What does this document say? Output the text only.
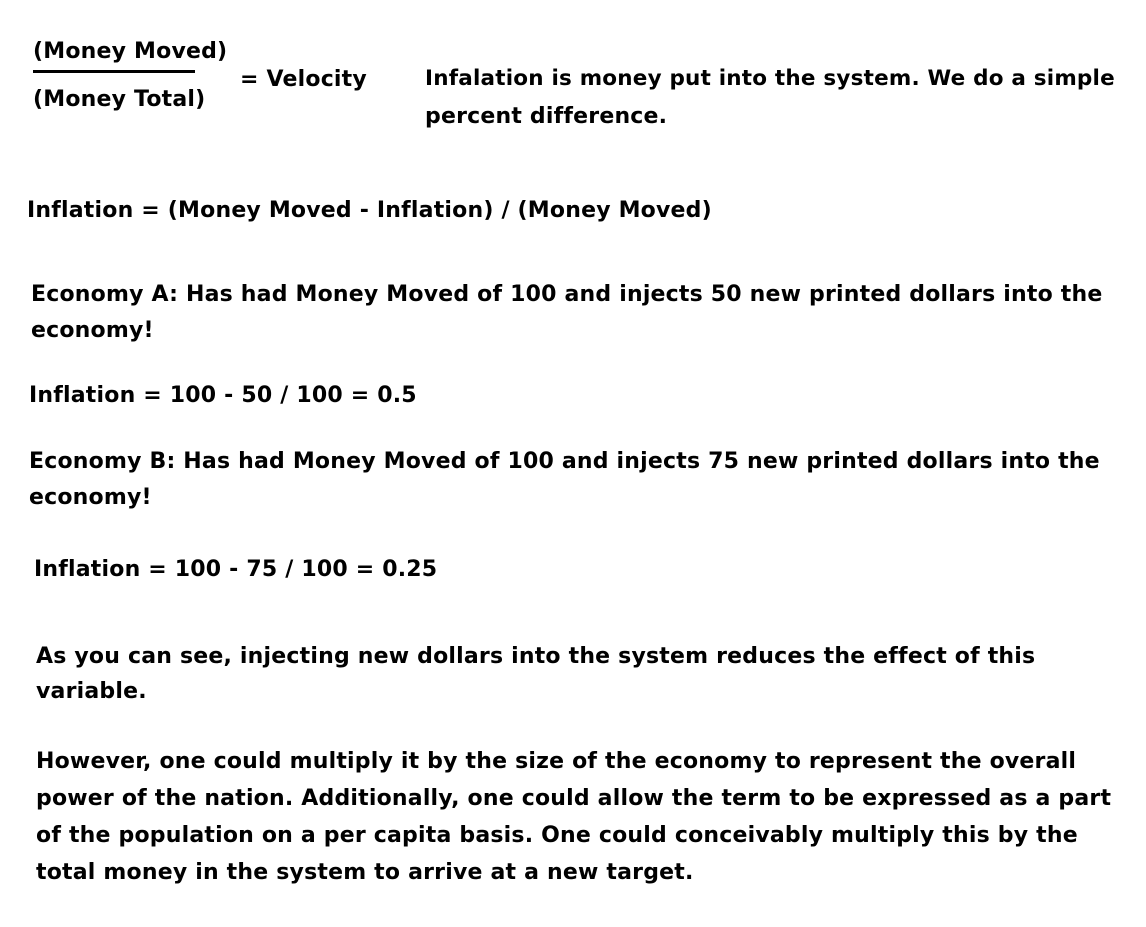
(Money Moved)

(Money Total)

= Velocity	Infalation is money put into the system. We do a simple

percent difference.

Inflation = (Money Moved - Inflation) / (Money Moved)

Economy A: Has had Money Moved of 100 and injects 50 new printed dollars into the

economy!

Inflation = 100 - 50 / 100 = 0.5

Economy B: Has had Money Moved of 100 and injects 75 new printed dollars into the

economy!

Inflation = 100 - 75 / 100 = 0.25

As you can see, injecting new dollars into the system reduces the effect of this

variable.

However, one could multiply it by the size of the economy to represent the overall

power of the nation. Additionally, one could allow the term to be expressed as a part

of the population on a per capita basis. One could conceivably multiply this by the

total money in the system to arrive at a new target.
